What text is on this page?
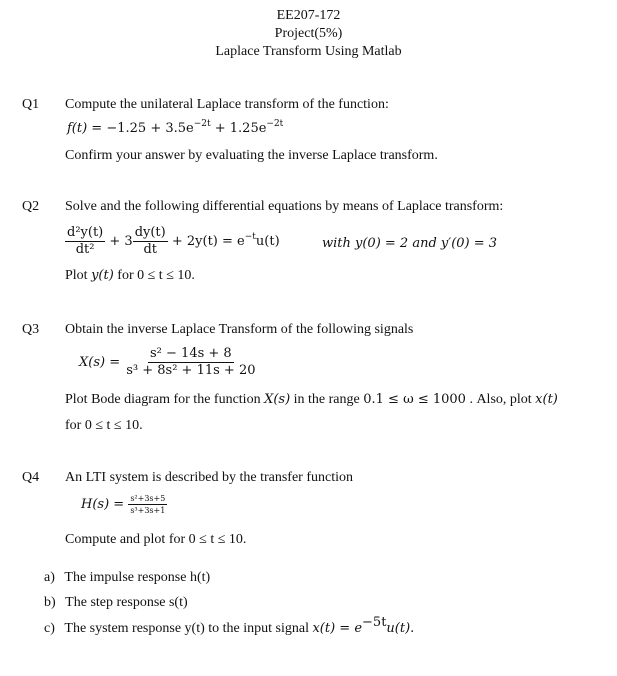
EE207-172
Project(5%)
Laplace Transform Using Matlab
Q1 Compute the unilateral Laplace transform of the function:
$f(t) = -1.25 + 3.5e^{-2t} + 1.25e^{-2t}$
Confirm your answer by evaluating the inverse Laplace transform.
Q2 Solve and the following differential equations by means of Laplace transform:
$\frac{\text{d²y(t)}}{\text{dt²}} + 3 \frac{dy(t)}{dt} + 2y(t) = e^{-t}u(t)$	with y(0) = 2 and y′(0) = 3
Plot y(t) for 0 ≤ t ≤ 10.
Q3 Obtain the inverse Laplace Transform of the following signals
$X(s) = \frac{\text{s² − 14s + 8}}{\text{s³ + 8s² + 11s + 20}}$
Plot Bode diagram for the function X(s) in the range 0.1 ≤ ω ≤ 1000 . Also, plot x(t)
for 0 ≤ t ≤ 10.
Q4 An LTI system is described by the transfer function
$H(s) = \frac{\text{s²+3s+5}}{\text{s³+3s+1}}$
Compute and plot for 0 ≤ t ≤ 10.
a) The impulse response h(t)
b) The step response s(t)
c) The system response y(t) to the input signal $x(t) = e^{-5t}u(t)$.
